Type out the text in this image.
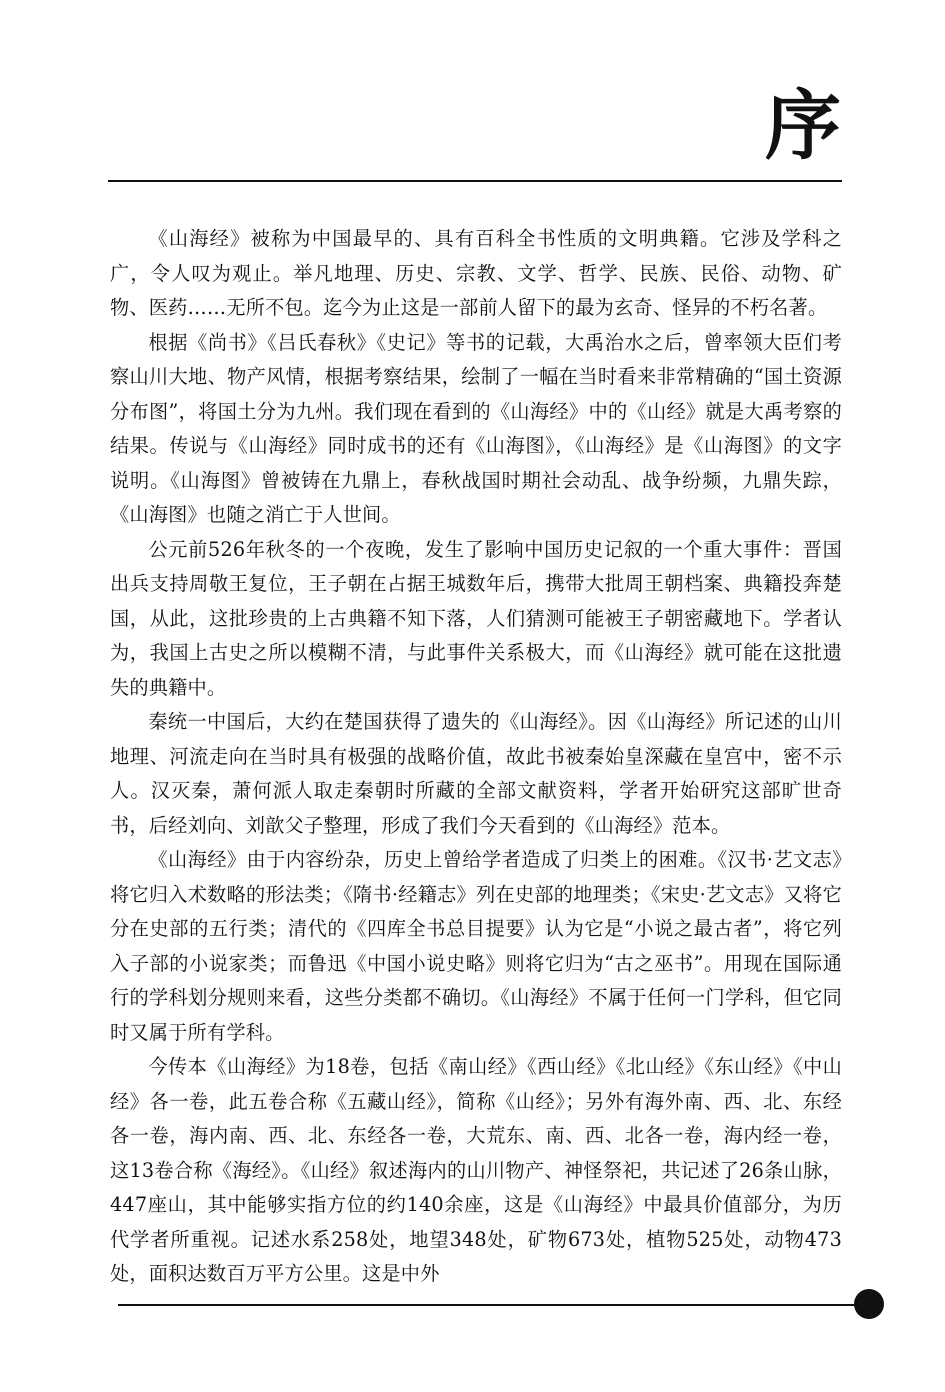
序

《山海经》被称为中国最早的、具有百科全书性质的文明典籍。它涉及学科之广，令人叹为观止。举凡地理、历史、宗教、文学、哲学、民族、民俗、动物、矿物、医药……无所不包。迄今为止这是一部前人留下的最为玄奇、怪异的不朽名著。

根据《尚书》《吕氏春秋》《史记》等书的记载，大禹治水之后，曾率领大臣们考察山川大地、物产风情，根据考察结果，绘制了一幅在当时看来非常精确的“国土资源分布图”，将国土分为九州。我们现在看到的《山海经》中的《山经》就是大禹考察的结果。传说与《山海经》同时成书的还有《山海图》，《山海经》是《山海图》的文字说明。《山海图》曾被铸在九鼎上，春秋战国时期社会动乱、战争纷频，九鼎失踪，《山海图》也随之消亡于人世间。

公元前526年秋冬的一个夜晚，发生了影响中国历史记叙的一个重大事件：晋国出兵支持周敬王复位，王子朝在占据王城数年后，携带大批周王朝档案、典籍投奔楚国，从此，这批珍贵的上古典籍不知下落，人们猜测可能被王子朝密藏地下。学者认为，我国上古史之所以模糊不清，与此事件关系极大，而《山海经》就可能在这批遗失的典籍中。

秦统一中国后，大约在楚国获得了遗失的《山海经》。因《山海经》所记述的山川地理、河流走向在当时具有极强的战略价值，故此书被秦始皇深藏在皇宫中，密不示人。汉灭秦，萧何派人取走秦朝时所藏的全部文献资料，学者开始研究这部旷世奇书，后经刘向、刘歆父子整理，形成了我们今天看到的《山海经》范本。

《山海经》由于内容纷杂，历史上曾给学者造成了归类上的困难。《汉书·艺文志》将它归入术数略的形法类；《隋书·经籍志》列在史部的地理类；《宋史·艺文志》又将它分在史部的五行类；清代的《四库全书总目提要》认为它是“小说之最古者”，将它列入子部的小说家类；而鲁迅《中国小说史略》则将它归为“古之巫书”。用现在国际通行的学科划分规则来看，这些分类都不确切。《山海经》不属于任何一门学科，但它同时又属于所有学科。

今传本《山海经》为18卷，包括《南山经》《西山经》《北山经》《东山经》《中山经》各一卷，此五卷合称《五藏山经》，简称《山经》；另外有海外南、西、北、东经各一卷，海内南、西、北、东经各一卷，大荒东、南、西、北各一卷，海内经一卷，这13卷合称《海经》。《山经》叙述海内的山川物产、神怪祭祀，共记述了26条山脉，447座山，其中能够实指方位的约140余座，这是《山海经》中最具价值部分，为历代学者所重视。记述水系258处，地望348处，矿物673处，植物525处，动物473处，面积达数百万平方公里。这是中外
